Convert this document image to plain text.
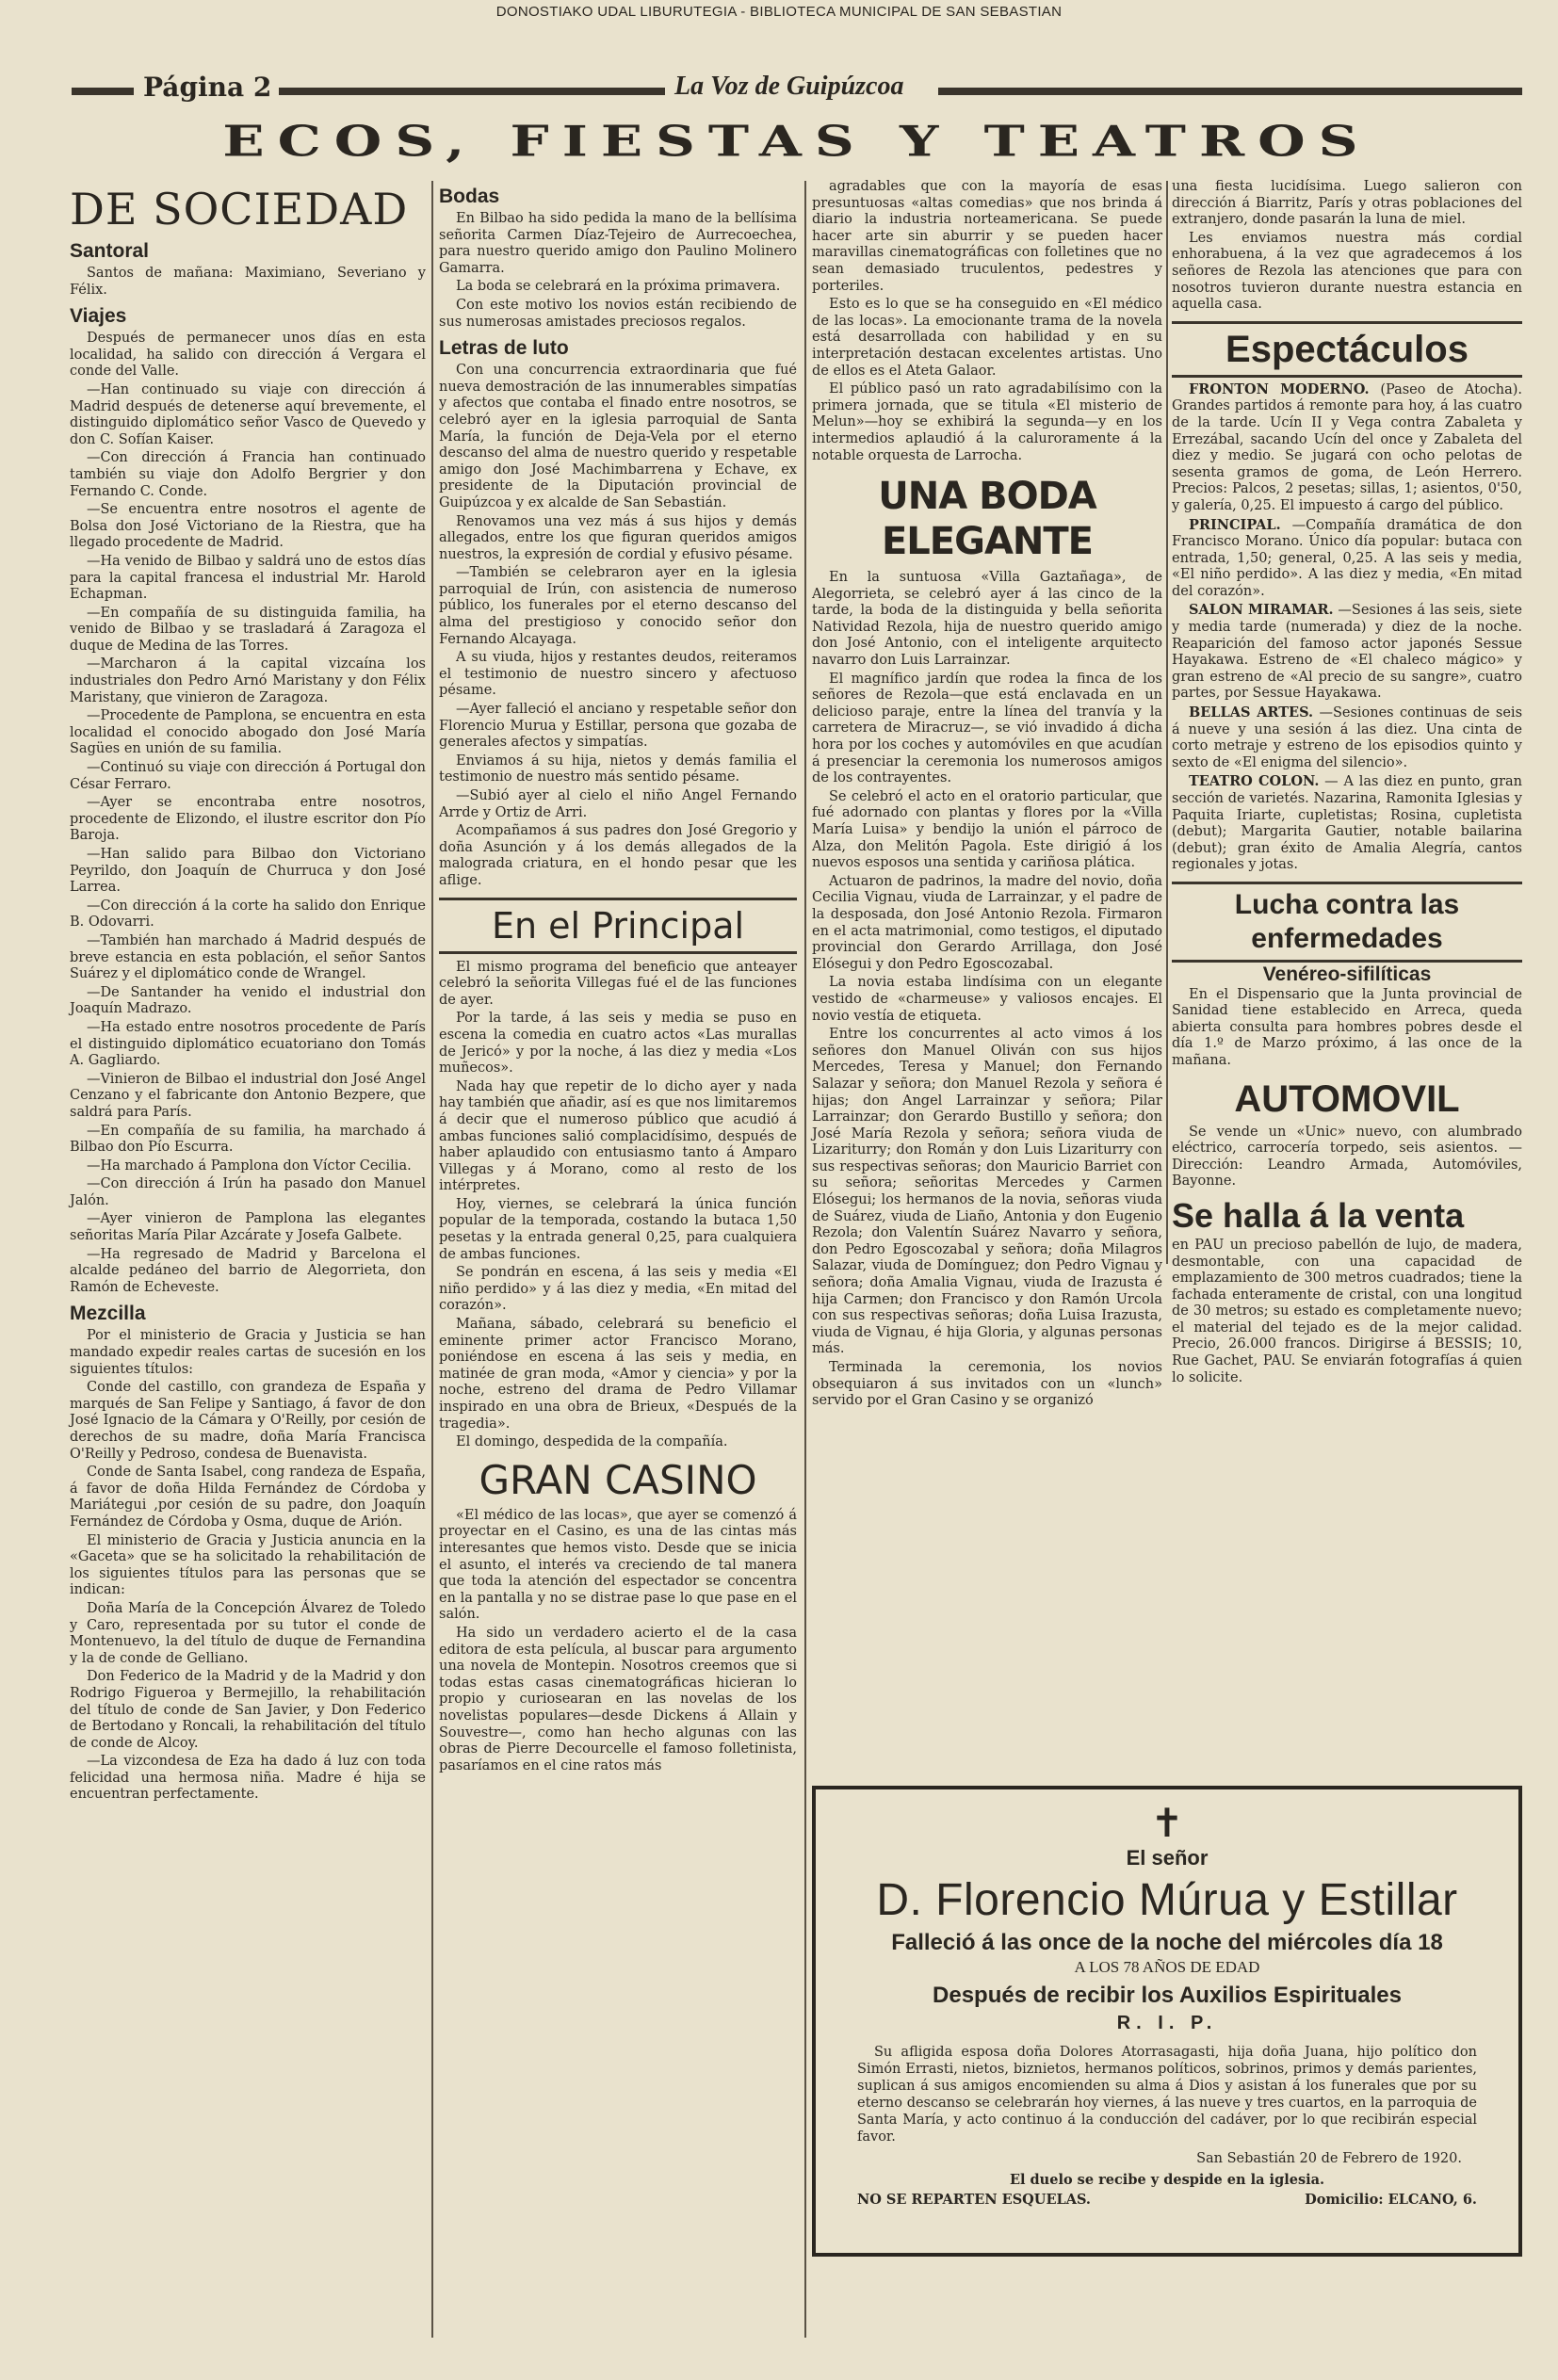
DONOSTIAKO UDAL LIBURUTEGIA - BIBLIOTECA MUNICIPAL DE SAN SEBASTIAN
Página 2	La Voz de Guipúzcoa
ECOS, FIESTAS Y TEATROS
DE SOCIEDAD
Santoral

Santos de mañana: Maximiano, Severiano y Félix.

Viajes

Después de permanecer unos días en esta localidad, ha salido con dirección á Vergara el conde del Valle.

—Han continuado su viaje con dirección á Madrid después de detenerse aquí brevemente, el distinguido diplomático señor Vasco de Quevedo y don C. Sofían Kaiser.

—Con dirección á Francia han continuado también su viaje don Adolfo Bergrier y don Fernando C. Conde.

—Se encuentra entre nosotros el agente de Bolsa don José Victoriano de la Riestra, que ha llegado procedente de Madrid.

—Ha venido de Bilbao y saldrá uno de estos días para la capital francesa el industrial Mr. Harold Echapman.

—En compañía de su distinguida familia, ha venido de Bilbao y se trasladará á Zaragoza el duque de Medina de las Torres.

—Marcharon á la capital vizcaína los industriales don Pedro Arnó Maristany y don Félix Maristany, que vinieron de Zaragoza.

—Procedente de Pamplona, se encuentra en esta localidad el conocido abogado don José María Sagües en unión de su familia.

—Continuó su viaje con dirección á Portugal don César Ferraro.

—Ayer se encontraba entre nosotros, procedente de Elizondo, el ilustre escritor don Pío Baroja.

—Han salido para Bilbao don Victoriano Peyrildo, don Joaquín de Churruca y don José Larrea.

—Con dirección á la corte ha salido don Enrique B. Odovarri.

—También han marchado á Madrid después de breve estancia en esta población, el señor Santos Suárez y el diplomático conde de Wrangel.

—De Santander ha venido el industrial don Joaquín Madrazo.

—Ha estado entre nosotros procedente de París el distinguido diplomático ecuatoriano don Tomás A. Gagliardo.

—Vinieron de Bilbao el industrial don José Angel Cenzano y el fabricante don Antonio Bezpere, que saldrá para París.

—En compañía de su familia, ha marchado á Bilbao don Pío Escurra.

—Ha marchado á Pamplona don Víctor Cecilia.

—Con dirección á Irún ha pasado don Manuel Jalón.

—Ayer vinieron de Pamplona las elegantes señoritas María Pilar Azcárate y Josefa Galbete.

—Ha regresado de Madrid y Barcelona el alcalde pedáneo del barrio de Alegorrieta, don Ramón de Echeveste.

Mezcilla

Por el ministerio de Gracia y Justicia se han mandado expedir reales cartas de sucesión en los siguientes títulos:

Conde del castillo, con grandeza de España y marqués de San Felipe y Santiago, á favor de don José Ignacio de la Cámara y O'Reilly, por cesión de derechos de su madre, doña María Francisca O'Reilly y Pedroso, condesa de Buenavista.

Conde de Santa Isabel, cong randeza de España, á favor de doña Hilda Fernández de Córdoba y Mariátegui ,por cesión de su padre, don Joaquín Fernández de Córdoba y Osma, duque de Arión.

El ministerio de Gracia y Justicia anuncia en la «Gaceta» que se ha solicitado la rehabilitación de los siguientes títulos para las personas que se indican:

Doña María de la Concepción Álvarez de Toledo y Caro, representada por su tutor el conde de Montenuevo, la del título de duque de Fernandina y la de conde de Gelliano.

Don Federico de la Madrid y de la Madrid y don Rodrigo Figueroa y Bermejillo, la rehabilitación del título de conde de San Javier, y Don Federico de Bertodano y Roncali, la rehabilitación del título de conde de Alcoy.

—La vizcondesa de Eza ha dado á luz con toda felicidad una hermosa niña. Madre é hija se encuentran perfectamente.

Bodas

En Bilbao ha sido pedida la mano de la bellísima señorita Carmen Díaz-Tejeiro de Aurrecoechea, para nuestro querido amigo don Paulino Molinero Gamarra.

La boda se celebrará en la próxima primavera.

Con este motivo los novios están recibiendo de sus numerosas amistades preciosos regalos.

Letras de luto

Con una concurrencia extraordinaria que fué nueva demostración de las innumerables simpatías y afectos que contaba el finado entre nosotros, se celebró ayer en la iglesia parroquial de Santa María, la función de Deja-Vela por el eterno descanso del alma de nuestro querido y respetable amigo don José Machimbarrena y Echave, ex presidente de la Diputación provincial de Guipúzcoa y ex alcalde de San Sebastián.

Renovamos una vez más á sus hijos y demás allegados, entre los que figuran queridos amigos nuestros, la expresión de cordial y efusivo pésame.

—También se celebraron ayer en la iglesia parroquial de Irún, con asistencia de numeroso público, los funerales por el eterno descanso del alma del prestigioso y conocido señor don Fernando Alcayaga.

A su viuda, hijos y restantes deudos, reiteramos el testimonio de nuestro sincero y afectuoso pésame.

—Ayer falleció el anciano y respetable señor don Florencio Murua y Estillar, persona que gozaba de generales afectos y simpatías.

Enviamos á su hija, nietos y demás familia el testimonio de nuestro más sentido pésame.

—Subió ayer al cielo el niño Angel Fernando Arrde y Ortiz de Arri.

Acompañamos á sus padres don José Gregorio y doña Asunción y á los demás allegados de la malograda criatura, en el hondo pesar que les aflige.

En el Principal

El mismo programa del beneficio que anteayer celebró la señorita Villegas fué el de las funciones de ayer.

Por la tarde, á las seis y media se puso en escena la comedia en cuatro actos «Las murallas de Jericó» y por la noche, á las diez y media «Los muñecos».

Nada hay que repetir de lo dicho ayer y nada hay también que añadir, así es que nos limitaremos á decir que el numeroso público que acudió á ambas funciones salió complacidísimo, después de haber aplaudido con entusiasmo tanto á Amparo Villegas y á Morano, como al resto de los intérpretes.

Hoy, viernes, se celebrará la única función popular de la temporada, costando la butaca 1,50 pesetas y la entrada general 0,25, para cualquiera de ambas funciones.

Se pondrán en escena, á las seis y media «El niño perdido» y á las diez y media, «En mitad del corazón».

Mañana, sábado, celebrará su beneficio el eminente primer actor Francisco Morano, poniéndose en escena á las seis y media, en matinée de gran moda, «Amor y ciencia» y por la noche, estreno del drama de Pedro Villamar inspirado en una obra de Brieux, «Después de la tragedia».

El domingo, despedida de la compañía.

GRAN CASINO

«El médico de las locas», que ayer se comenzó á proyectar en el Casino, es una de las cintas más interesantes que hemos visto. Desde que se inicia el asunto, el interés va creciendo de tal manera que toda la atención del espectador se concentra en la pantalla y no se distrae pase lo que pase en el salón.

Ha sido un verdadero acierto el de la casa editora de esta película, al buscar para argumento una novela de Montepin. Nosotros creemos que si todas estas casas cinematográficas hicieran lo propio y curiosearan en las novelas de los novelistas populares—desde Dickens á Allain y Souvestre—, como han hecho algunas con las obras de Pierre Decourcelle el famoso folletinista, pasaríamos en el cine ratos más

agradables que con la mayoría de esas presuntuosas «altas comedias» que nos brinda á diario la industria norteamericana. Se puede hacer arte sin aburrir y se pueden hacer maravillas cinematográficas con folletines que no sean demasiado truculentos, pedestres y porteriles.

Esto es lo que se ha conseguido en «El médico de las locas». La emocionante trama de la novela está desarrollada con habilidad y en su interpretación destacan excelentes artistas. Uno de ellos es el Ateta Galaor.

El público pasó un rato agradabilísimo con la primera jornada, que se titula «El misterio de Melun»—hoy se exhibirá la segunda—y en los intermedios aplaudió á la caluroramente á la notable orquesta de Larrocha.

UNA BODA ELEGANTE

En la suntuosa «Villa Gaztañaga», de Alegorrieta, se celebró ayer á las cinco de la tarde, la boda de la distinguida y bella señorita Natividad Rezola, hija de nuestro querido amigo don José Antonio, con el inteligente arquitecto navarro don Luis Larrainzar.

El magnífico jardín que rodea la finca de los señores de Rezola—que está enclavada en un delicioso paraje, entre la línea del tranvía y la carretera de Miracruz—, se vió invadido á dicha hora por los coches y automóviles en que acudían á presenciar la ceremonia los numerosos amigos de los contrayentes.

Se celebró el acto en el oratorio particular, que fué adornado con plantas y flores por la «Villa María Luisa» y bendijo la unión el párroco de Alza, don Melitón Pagola. Este dirigió á los nuevos esposos una sentida y cariñosa plática.

Actuaron de padrinos, la madre del novio, doña Cecilia Vignau, viuda de Larrainzar, y el padre de la desposada, don José Antonio Rezola. Firmaron en el acta matrimonial, como testigos, el diputado provincial don Gerardo Arrillaga, don José Elósegui y don Pedro Egoscozabal.

La novia estaba lindísima con un elegante vestido de «charmeuse» y valiosos encajes. El novio vestía de etiqueta.

Entre los concurrentes al acto vimos á los señores don Manuel Oliván con sus hijos Mercedes, Teresa y Manuel; don Fernando Salazar y señora; don Manuel Rezola y señora é hijas; don Angel Larrainzar y señora; Pilar Larrainzar; don Gerardo Bustillo y señora; don José María Rezola y señora; señora viuda de Lizariturry; don Román y don Luis Lizariturry con sus respectivas señoras; don Mauricio Barriet con su señora; señoritas Mercedes y Carmen Elósegui; los hermanos de la novia, señoras viuda de Suárez, viuda de Liaño, Antonia y don Eugenio Rezola; don Valentín Suárez Navarro y señora, don Pedro Egoscozabal y señora; doña Milagros Salazar, viuda de Domínguez; don Pedro Vignau y señora; doña Amalia Vignau, viuda de Irazusta é hija Carmen; don Francisco y don Ramón Urcola con sus respectivas señoras; doña Luisa Irazusta, viuda de Vignau, é hija Gloria, y algunas personas más.

Terminada la ceremonia, los novios obsequiaron á sus invitados con un «lunch» servido por el Gran Casino y se organizó

una fiesta lucidísima. Luego salieron con dirección á Biarritz, París y otras poblaciones del extranjero, donde pasarán la luna de miel.

Les enviamos nuestra más cordial enhorabuena, á la vez que agradecemos á los señores de Rezola las atenciones que para con nosotros tuvieron durante nuestra estancia en aquella casa.

Espectáculos

FRONTON MODERNO. (Paseo de Atocha). Grandes partidos á remonte para hoy, á las cuatro de la tarde. Ucín II y Vega contra Zabaleta y Errezábal, sacando Ucín del once y Zabaleta del diez y medio. Se jugará con ocho pelotas de sesenta gramos de goma, de León Herrero. Precios: Palcos, 2 pesetas; sillas, 1; asientos, 0'50, y galería, 0,25. El impuesto á cargo del público.

PRINCIPAL. —Compañía dramática de don Francisco Morano. Único día popular: butaca con entrada, 1,50; general, 0,25. A las seis y media, «El niño perdido». A las diez y media, «En mitad del corazón».

SALON MIRAMAR. —Sesiones á las seis, siete y media tarde (numerada) y diez de la noche. Reaparición del famoso actor japonés Sessue Hayakawa. Estreno de «El chaleco mágico» y gran estreno de «Al precio de su sangre», cuatro partes, por Sessue Hayakawa.

BELLAS ARTES. —Sesiones continuas de seis á nueve y una sesión á las diez. Una cinta de corto metraje y estreno de los episodios quinto y sexto de «El enigma del silencio».

TEATRO COLON. — A las diez en punto, gran sección de varietés. Nazarina, Ramonita Iglesias y Paquita Iriarte, cupletistas; Rosina, cupletista (debut); Margarita Gautier, notable bailarina (debut); gran éxito de Amalia Alegría, cantos regionales y jotas.

Lucha contra las enfermedades
Venéreo-sifilíticas

En el Dispensario que la Junta provincial de Sanidad tiene establecido en Arreca, queda abierta consulta para hombres pobres desde el día 1.º de Marzo próximo, á las once de la mañana.

AUTOMOVIL

Se vende un «Unic» nuevo, con alumbrado eléctrico, carrocería torpedo, seis asientos. — Dirección: Leandro Armada, Automóviles, Bayonne.

Se halla á la venta

en PAU un precioso pabellón de lujo, de madera, desmontable, con una capacidad de emplazamiento de 300 metros cuadrados; tiene la fachada enteramente de cristal, con una longitud de 30 metros; su estado es completamente nuevo; el material del tejado es de la mejor calidad. Precio, 26.000 francos. Dirigirse á BESSIS; 10, Rue Gachet, PAU. Se enviarán fotografías á quien lo solicite.

✝
El señor
D. Florencio Múrua y Estillar
Falleció á las once de la noche del miércoles día 18
A LOS 78 AÑOS DE EDAD
Después de recibir los Auxilios Espirituales
R. I. P.
Su afligida esposa doña Dolores Atorrasagasti, hija doña Juana, hijo político don Simón Errasti, nietos, biznietos, hermanos políticos, sobrinos, primos y demás parientes, suplican á sus amigos encomienden su alma á Dios y asistan á los funerales que por su eterno descanso se celebrarán hoy viernes, á las nueve y tres cuartos, en la parroquia de Santa María, y acto continuo á la conducción del cadáver, por lo que recibirán especial favor.
San Sebastián 20 de Febrero de 1920.
El duelo se recibe y despide en la iglesia.
NO SE REPARTEN ESQUELAS.	Domicilio: ELCANO, 6.
